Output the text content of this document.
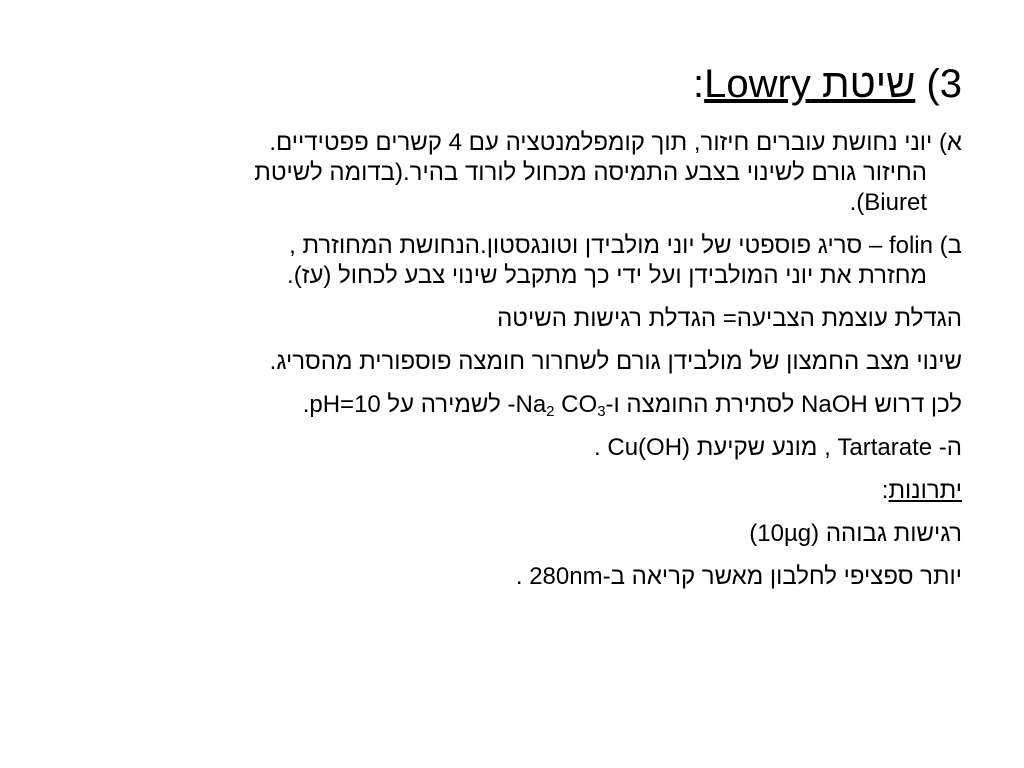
3) שיטת Lowry:
א) יוני נחושת עוברים חיזור, תוך קומפלמנטציה עם 4 קשרים פפטידיים.
החיזור גורם לשינוי בצבע התמיסה מכחול לורוד בהיר.(בדומה לשיטת
Biuret).
ב) folin – סריג פוספטי של יוני מולבידן וטונגסטון.הנחושת המחוזרת ,
מחזרת את יוני המולבידן ועל ידי כך מתקבל שינוי צבע לכחול (עז).
הגדלת עוצמת הצביעה= הגדלת רגישות השיטה
שינוי מצב החמצון של מולבידן גורם לשחרור חומצה פוספורית מהסריג.
לכן דרוש NaOH לסתירת החומצה $ו-Na_2$ $CO_3-$ לשמירה על pH=10.
ה- Tartarate , מונע שקיעת Cu(OH) .
יתרונות:
רגישות גבוהה (10µg)
יותר ספציפי לחלבון מאשר קריאה ב-280nm .
